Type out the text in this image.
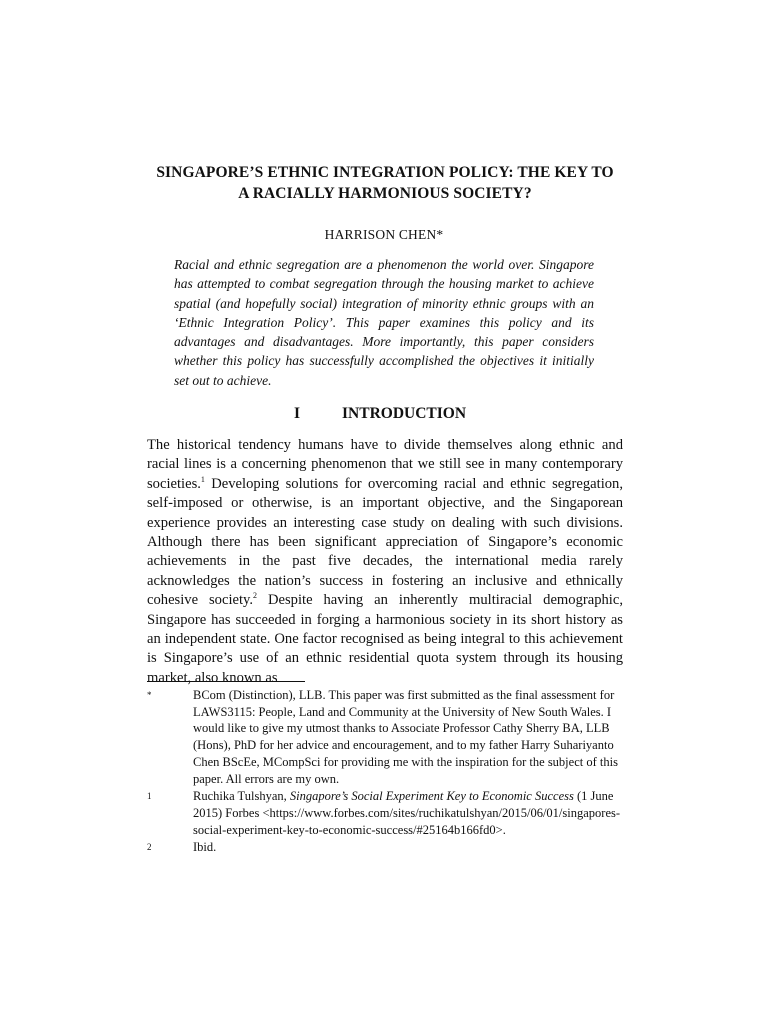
SINGAPORE’S ETHNIC INTEGRATION POLICY: THE KEY TO
A RACIALLY HARMONIOUS SOCIETY?
HARRISON CHEN*

Racial and ethnic segregation are a phenomenon the world over. Singapore has attempted to combat segregation through the housing market to achieve spatial (and hopefully social) integration of minority ethnic groups with an ‘Ethnic Integration Policy’. This paper examines this policy and its advantages and disadvantages. More importantly, this paper considers whether this policy has successfully accomplished the objectives it initially set out to achieve.

I	INTRODUCTION

The historical tendency humans have to divide themselves along ethnic and racial lines is a concerning phenomenon that we still see in many contemporary societies.$^1$ Developing solutions for overcoming racial and ethnic segregation, self-imposed or otherwise, is an important objective, and the Singaporean experience provides an interesting case study on dealing with such divisions. Although there has been significant appreciation of Singapore’s economic achievements in the past five decades, the international media rarely acknowledges the nation’s success in fostering an inclusive and ethnically cohesive society.$^2$ Despite having an inherently multiracial demographic, Singapore has succeeded in forging a harmonious society in its short history as an independent state. One factor recognised as being integral to this achievement is Singapore’s use of an ethnic residential quota system through its housing market, also known as

*	BCom (Distinction), LLB. This paper was first submitted as the final assessment for LAWS3115: People, Land and Community at the University of New South Wales. I would like to give my utmost thanks to Associate Professor Cathy Sherry BA, LLB (Hons), PhD for her advice and encouragement, and to my father Harry Suhariyanto Chen BScEe, MCompSci for providing me with the inspiration for the subject of this paper. All errors are my own.
1	Ruchika Tulshyan, Singapore’s Social Experiment Key to Economic Success (1 June 2015) Forbes <https://www.forbes.com/sites/ruchikatulshyan/2015/06/01/singapores-social-experiment-key-to-economic-success/#25164b166fd0>.
2	Ibid.
